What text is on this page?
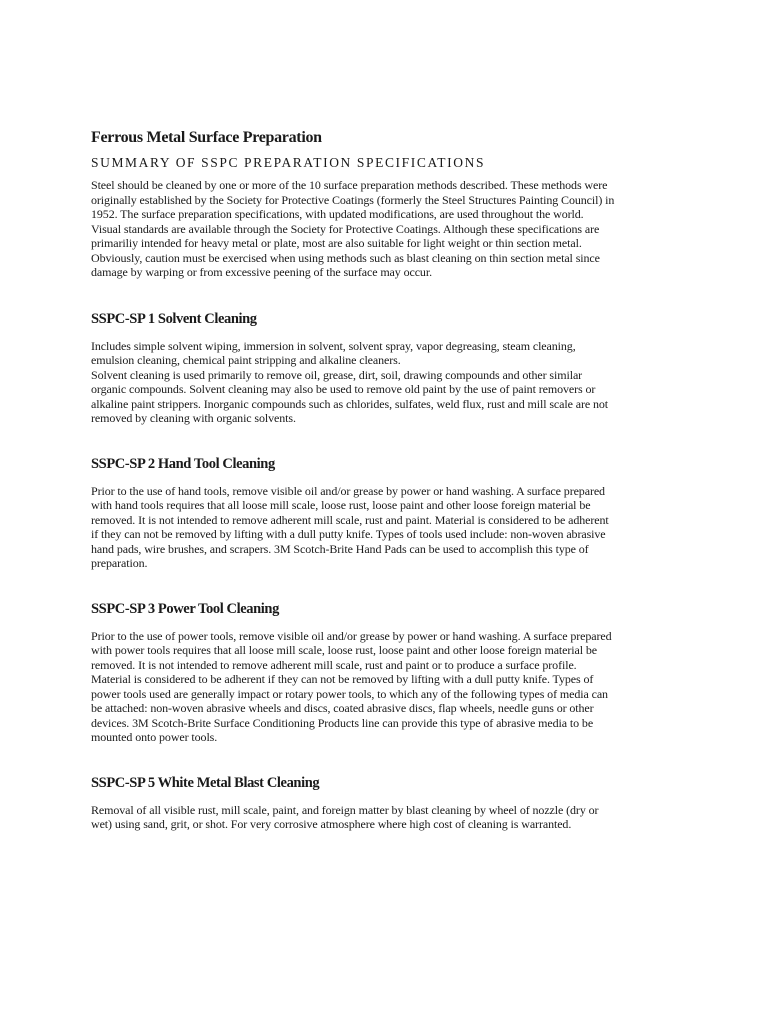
Ferrous Metal Surface Preparation
SUMMARY OF SSPC PREPARATION SPECIFICATIONS

Steel should be cleaned by one or more of the 10 surface preparation methods described. These methods were
originally established by the Society for Protective Coatings (formerly the Steel Structures Painting Council) in
1952. The surface preparation specifications, with updated modifications, are used throughout the world.
Visual standards are available through the Society for Protective Coatings. Although these specifications are
primariliy intended for heavy metal or plate, most are also suitable for light weight or thin section metal.
Obviously, caution must be exercised when using methods such as blast cleaning on thin section metal since
damage by warping or from excessive peening of the surface may occur.

SSPC-SP 1 Solvent Cleaning

Includes simple solvent wiping, immersion in solvent, solvent spray, vapor degreasing, steam cleaning,
emulsion cleaning, chemical paint stripping and alkaline cleaners.
Solvent cleaning is used primarily to remove oil, grease, dirt, soil, drawing compounds and other similar
organic compounds. Solvent cleaning may also be used to remove old paint by the use of paint removers or
alkaline paint strippers. Inorganic compounds such as chlorides, sulfates, weld flux, rust and mill scale are not
removed by cleaning with organic solvents.

SSPC-SP 2 Hand Tool Cleaning

Prior to the use of hand tools, remove visible oil and/or grease by power or hand washing. A surface prepared
with hand tools requires that all loose mill scale, loose rust, loose paint and other loose foreign material be
removed. It is not intended to remove adherent mill scale, rust and paint. Material is considered to be adherent
if they can not be removed by lifting with a dull putty knife. Types of tools used include: non-woven abrasive
hand pads, wire brushes, and scrapers. 3M Scotch-Brite Hand Pads can be used to accomplish this type of
preparation.

SSPC-SP 3 Power Tool Cleaning

Prior to the use of power tools, remove visible oil and/or grease by power or hand washing. A surface prepared
with power tools requires that all loose mill scale, loose rust, loose paint and other loose foreign material be
removed. It is not intended to remove adherent mill scale, rust and paint or to produce a surface profile.
Material is considered to be adherent if they can not be removed by lifting with a dull putty knife. Types of
power tools used are generally impact or rotary power tools, to which any of the following types of media can
be attached: non-woven abrasive wheels and discs, coated abrasive discs, flap wheels, needle guns or other
devices. 3M Scotch-Brite Surface Conditioning Products line can provide this type of abrasive media to be
mounted onto power tools.

SSPC-SP 5 White Metal Blast Cleaning

Removal of all visible rust, mill scale, paint, and foreign matter by blast cleaning by wheel of nozzle (dry or
wet) using sand, grit, or shot. For very corrosive atmosphere where high cost of cleaning is warranted.
